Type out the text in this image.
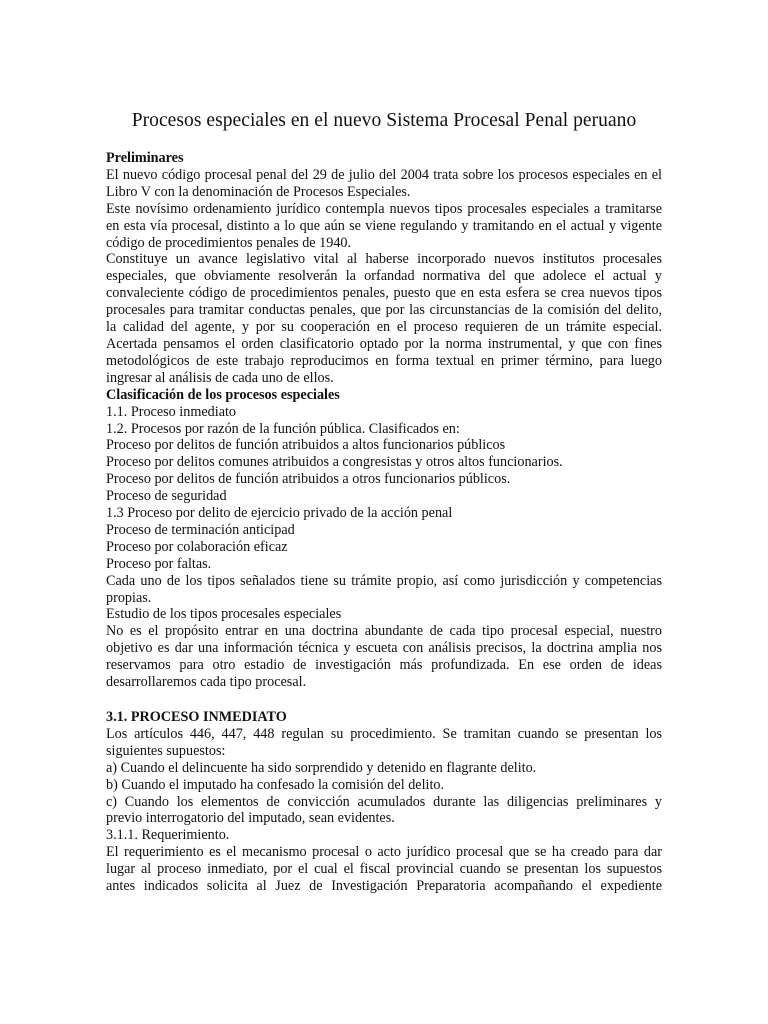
Procesos especiales en el nuevo Sistema Procesal Penal peruano

Preliminares

El nuevo código procesal penal del 29 de julio del 2004 trata sobre los procesos especiales en el

Libro V con la denominación de Procesos Especiales.

Este novísimo ordenamiento jurídico contempla nuevos tipos procesales especiales a tramitarse

en esta vía procesal, distinto a lo que aún se viene regulando y tramitando en el actual y vigente

código de procedimientos penales de 1940.

Constituye un avance legislativo vital al haberse incorporado nuevos institutos procesales

especiales, que obviamente resolverán la orfandad normativa del que adolece el actual y

convaleciente código de procedimientos penales, puesto que en esta esfera se crea nuevos tipos

procesales para tramitar conductas penales, que por las circunstancias de la comisión del delito,

la calidad del agente, y por su cooperación en el proceso requieren de un trámite especial.

Acertada pensamos el orden clasificatorio optado por la norma instrumental, y que con fines

metodológicos de este trabajo reproducimos en forma textual en primer término, para luego

ingresar al análisis de cada uno de ellos.

Clasificación de los procesos especiales

1.1. Proceso inmediato

1.2. Procesos por razón de la función pública. Clasificados en:

Proceso por delitos de función atribuidos a altos funcionarios públicos

Proceso por delitos comunes atribuidos a congresistas y otros altos funcionarios.

Proceso por delitos de función atribuidos a otros funcionarios públicos.

Proceso de seguridad

1.3 Proceso por delito de ejercicio privado de la acción penal

Proceso de terminación anticipad

Proceso por colaboración eficaz

Proceso por faltas.

Cada uno de los tipos señalados tiene su trámite propio, así como jurisdicción y competencias

propias.

Estudio de los tipos procesales especiales

No es el propósito entrar en una doctrina abundante de cada tipo procesal especial, nuestro

objetivo es dar una información técnica y escueta con análisis precisos, la doctrina amplia nos

reservamos para otro estadio de investigación más profundizada. En ese orden de ideas

desarrollaremos cada tipo procesal.

3.1. PROCESO INMEDIATO

Los artículos 446, 447, 448 regulan su procedimiento. Se tramitan cuando se presentan los

siguientes supuestos:

a) Cuando el delincuente ha sido sorprendido y detenido en flagrante delito.

b) Cuando el imputado ha confesado la comisión del delito.

c) Cuando los elementos de convicción acumulados durante las diligencias preliminares y

previo interrogatorio del imputado, sean evidentes.

3.1.1. Requerimiento.

El requerimiento es el mecanismo procesal o acto jurídico procesal que se ha creado para dar

lugar al proceso inmediato, por el cual el fiscal provincial cuando se presentan los supuestos

antes indicados solicita al Juez de Investigación Preparatoria acompañando el expediente
